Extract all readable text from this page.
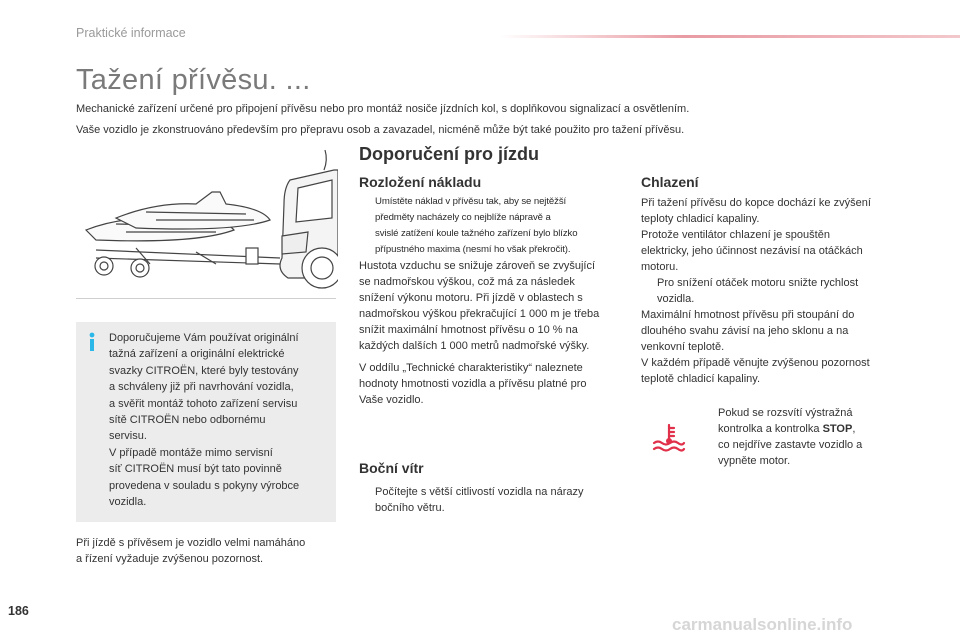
Praktické informace
Tažení přívěsu. ...
Mechanické zařízení určené pro připojení přívěsu nebo pro montáž nosiče jízdních kol, s doplňkovou signalizací a osvětlením.
Vaše vozidlo je zkonstruováno především pro přepravu osob a zavazadel, nicméně může být také použito pro tažení přívěsu.
Doporučujeme Vám používat originální
tažná zařízení a originální elektrické
svazky CITROËN, které byly testovány
a schváleny již při navrhování vozidla,
a svěřit montáž tohoto zařízení servisu
sítě CITROËN nebo odbornému
servisu.
V případě montáže mimo servisní
síť CITROËN musí být tato povinně
provedena v souladu s pokyny výrobce
vozidla.
Při jízdě s přívěsem je vozidlo velmi namáháno
a řízení vyžaduje zvýšenou pozornost.
Doporučení pro jízdu
Rozložení nákladu
Umístěte náklad v přívěsu tak, aby se nejtěžší
předměty nacházely co nejblíže nápravě a
svislé zatížení koule tažného zařízení bylo blízko
přípustného maxima (nesmí ho však překročit).
Hustota vzduchu se snižuje zároveň se zvyšující
se nadmořskou výškou, což má za následek
snížení výkonu motoru. Při jízdě v oblastech s
nadmořskou výškou překračující 1 000 m je třeba
snížit maximální hmotnost přívěsu o 10 % na
každých dalších 1 000 metrů nadmořské výšky.
V oddílu „Technické charakteristiky“ naleznete
hodnoty hmotnosti vozidla a přívěsu platné pro
Vaše vozidlo.
Boční vítr
Počítejte s větší citlivostí vozidla na nárazy
bočního větru.
Chlazení
Při tažení přívěsu do kopce dochází ke zvýšení
teploty chladicí kapaliny.
Protože ventilátor chlazení je spouštěn
elektricky, jeho účinnost nezávisí na otáčkách
motoru.
Pro snížení otáček motoru snižte rychlost
vozidla.
Maximální hmotnost přívěsu při stoupání do
dlouhého svahu závisí na jeho sklonu a na
venkovní teplotě.
V každém případě věnujte zvýšenou pozornost
teplotě chladicí kapaliny.
Pokud se rozsvítí výstražná
kontrolka a kontrolka STOP,
co nejdříve zastavte vozidlo a
vypněte motor.
186
carmanualsonline.info
